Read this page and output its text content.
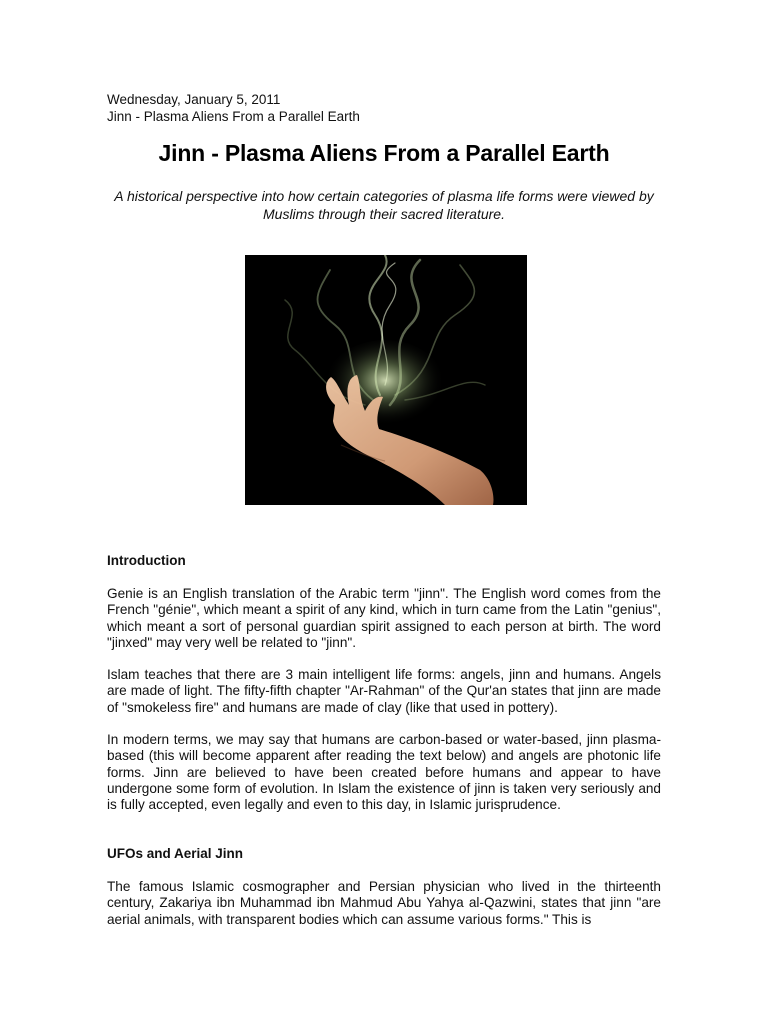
Wednesday, January 5, 2011
Jinn - Plasma Aliens From a Parallel Earth
Jinn - Plasma Aliens From a Parallel Earth

A historical perspective into how certain categories of plasma life forms were viewed by Muslims through their sacred literature.

Introduction

Genie is an English translation of the Arabic term "jinn". The English word comes from the French "génie", which meant a spirit of any kind, which in turn came from the Latin "genius", which meant a sort of personal guardian spirit assigned to each person at birth. The word "jinxed" may very well be related to "jinn".

Islam teaches that there are 3 main intelligent life forms: angels, jinn and humans. Angels are made of light. The fifty-fifth chapter "Ar-Rahman" of the Qur'an states that jinn are made of "smokeless fire" and humans are made of clay (like that used in pottery).

In modern terms, we may say that humans are carbon-based or water-based, jinn plasma-based (this will become apparent after reading the text below) and angels are photonic life forms. Jinn are believed to have been created before humans and appear to have undergone some form of evolution. In Islam the existence of jinn is taken very seriously and is fully accepted, even legally and even to this day, in Islamic jurisprudence.

UFOs and Aerial Jinn

The famous Islamic cosmographer and Persian physician who lived in the thirteenth century, Zakariya ibn Muhammad ibn Mahmud Abu Yahya al-Qazwini, states that jinn "are aerial animals, with transparent bodies which can assume various forms." This is
